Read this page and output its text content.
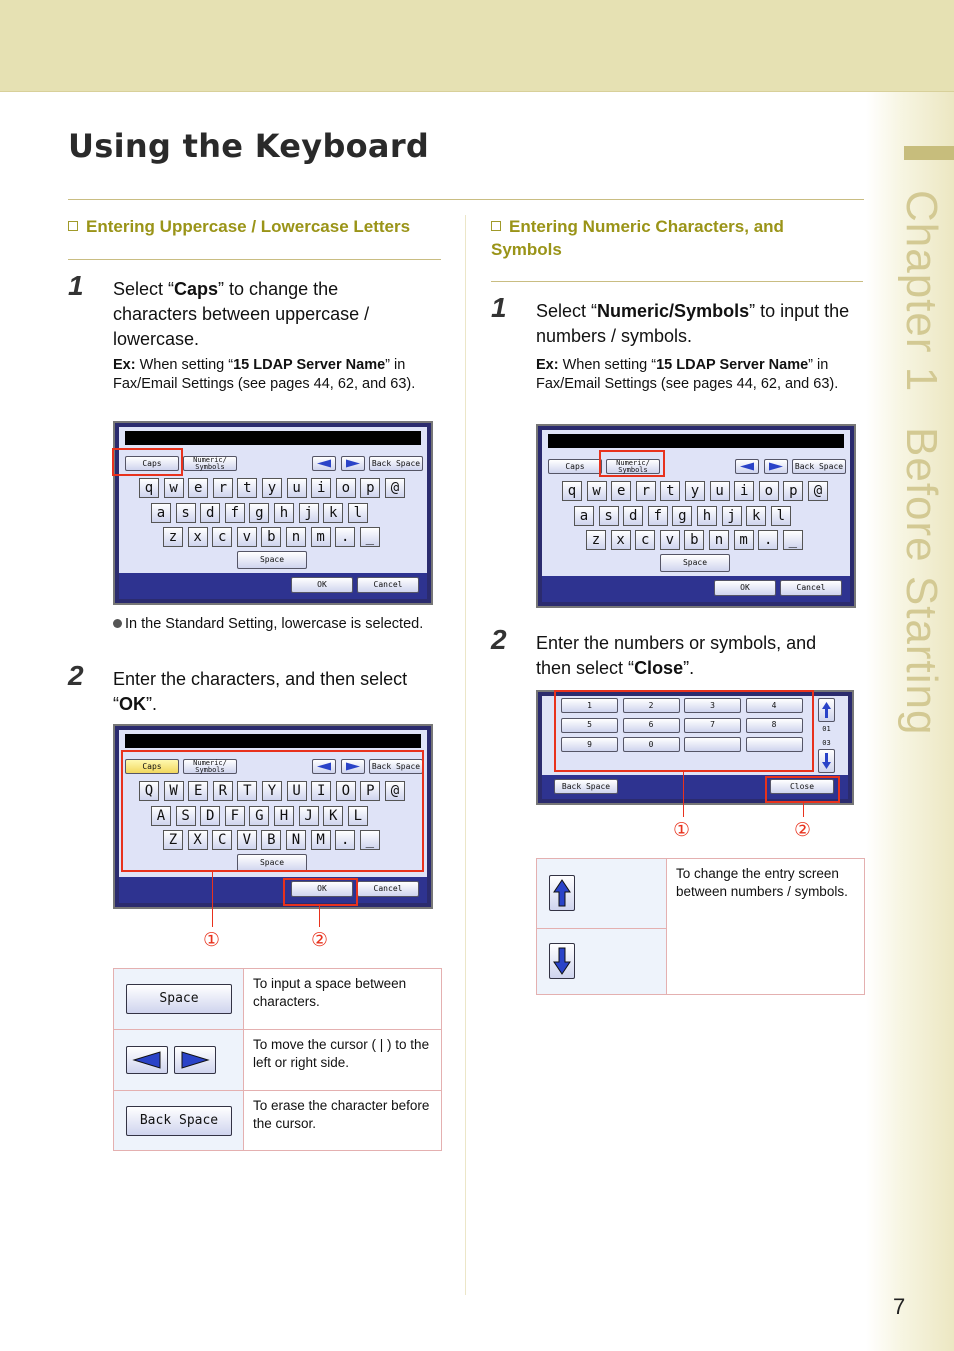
Chapter 1 Before Starting
Using the Keyboard
Entering Uppercase / Lowercase Letters
1 Select “Caps” to change the characters between uppercase / lowercase.
Ex: When setting “15 LDAP Server Name” in Fax/Email Settings (see pages 44, 62, and 63).
Caps	Numeric/ Symbols	Back Space
q	w	e	r	t	y	u	i	o	p	@
a	s	d	f	g	h	j	k	l
z	x	c	v	b	n	m	.	_
Space
OK	Cancel
In the Standard Setting, lowercase is selected.
2 Enter the characters, and then select “OK”.
Caps	Numeric/ Symbols	Back Space
Q	W	E	R	T	Y	U	I	O	P	@
A	S	D	F	G	H	J	K	L
Z	X	C	V	B	N	M	.	_
Space
OK	Cancel
①	②
Space	To input a space between characters.

	To move the cursor ( | ) to the left or right side.
Back Space	To erase the character before the cursor.
Entering Numeric Characters, and Symbols
1 Select “Numeric/Symbols” to input the numbers / symbols.
Ex: When setting “15 LDAP Server Name” in Fax/Email Settings (see pages 44, 62, and 63).
Caps	Numeric/ Symbols	Back Space
q	w	e	r	t	y	u	i	o	p	@
a	s	d	f	g	h	j	k	l
z	x	c	v	b	n	m	.	_
Space
OK	Cancel
2 Enter the numbers or symbols, and then select “Close”.
1	2	3	4
5	6	7	8
9	0
01
03
Back Space	Close
①	②
	To change the entry screen between numbers / symbols.

7
